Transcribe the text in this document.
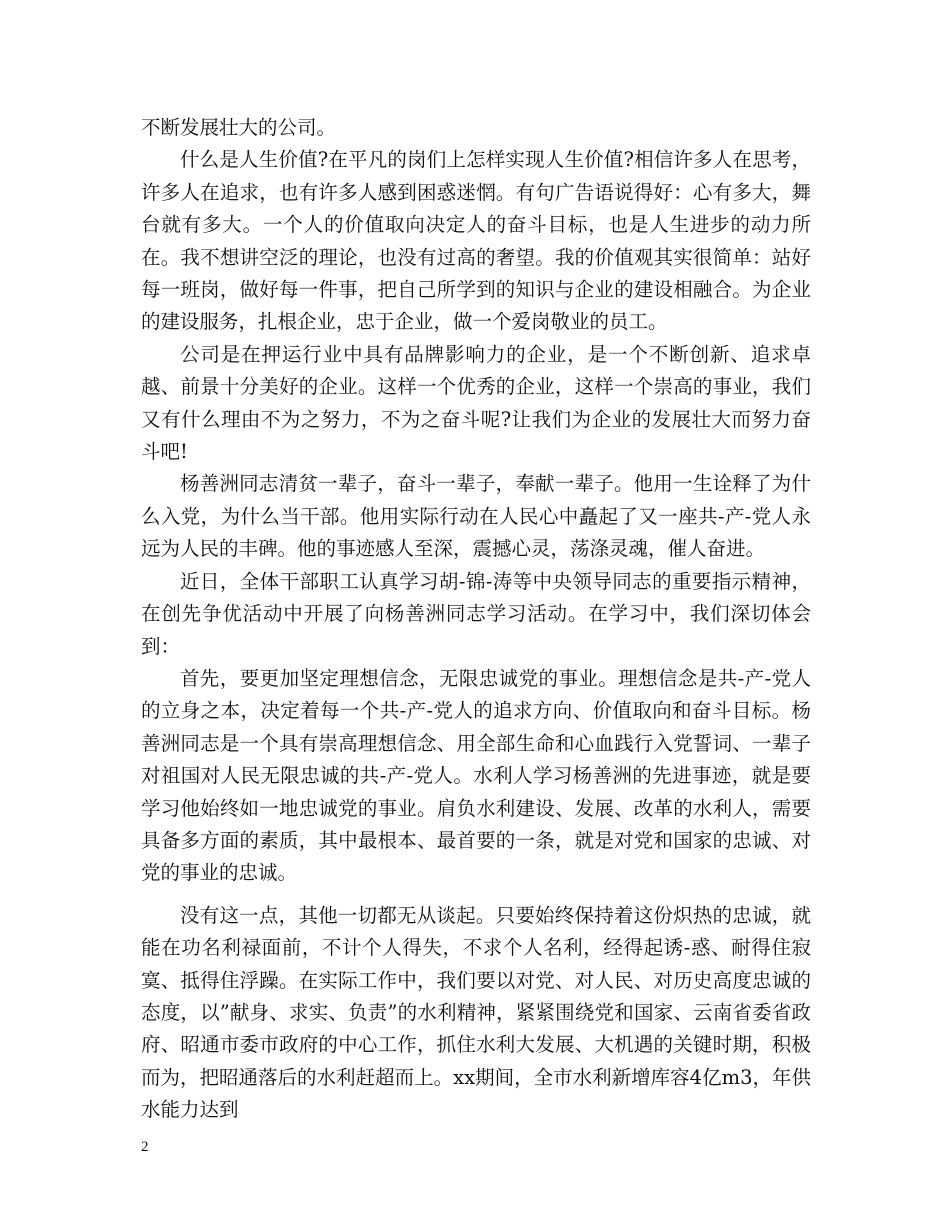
不断发展壮大的公司。

什么是人生价值?在平凡的岗们上怎样实现人生价值?相信许多人在思考，许多人在追求，也有许多人感到困惑迷惘。有句广告语说得好：心有多大，舞台就有多大。一个人的价值取向决定人的奋斗目标，也是人生进步的动力所在。我不想讲空泛的理论，也没有过高的奢望。我的价值观其实很简单：站好每一班岗，做好每一件事，把自己所学到的知识与企业的建设相融合。为企业的建设服务，扎根企业，忠于企业，做一个爱岗敬业的员工。

公司是在押运行业中具有品牌影响力的企业，是一个不断创新、追求卓越、前景十分美好的企业。这样一个优秀的企业，这样一个崇高的事业，我们又有什么理由不为之努力，不为之奋斗呢?让我们为企业的发展壮大而努力奋斗吧!

杨善洲同志清贫一辈子，奋斗一辈子，奉献一辈子。他用一生诠释了为什么入党，为什么当干部。他用实际行动在人民心中矗起了又一座共-产-党人永远为人民的丰碑。他的事迹感人至深，震撼心灵，荡涤灵魂，催人奋进。

近日，全体干部职工认真学习胡-锦-涛等中央领导同志的重要指示精神，在创先争优活动中开展了向杨善洲同志学习活动。在学习中，我们深切体会到：

首先，要更加坚定理想信念，无限忠诚党的事业。理想信念是共-产-党人的立身之本，决定着每一个共-产-党人的追求方向、价值取向和奋斗目标。杨善洲同志是一个具有崇高理想信念、用全部生命和心血践行入党誓词、一辈子对祖国对人民无限忠诚的共-产-党人。水利人学习杨善洲的先进事迹，就是要学习他始终如一地忠诚党的事业。肩负水利建设、发展、改革的水利人，需要具备多方面的素质，其中最根本、最首要的一条，就是对党和国家的忠诚、对党的事业的忠诚。

没有这一点，其他一切都无从谈起。只要始终保持着这份炽热的忠诚，就能在功名利禄面前，不计个人得失，不求个人名利，经得起诱-惑、耐得住寂寞、抵得住浮躁。在实际工作中，我们要以对党、对人民、对历史高度忠诚的态度，以”献身、求实、负责”的水利精神，紧紧围绕党和国家、云南省委省政府、昭通市委市政府的中心工作，抓住水利大发展、大机遇的关键时期，积极而为，把昭通落后的水利赶超而上。xx期间，全市水利新增库容4亿m3，年供水能力达到

2
